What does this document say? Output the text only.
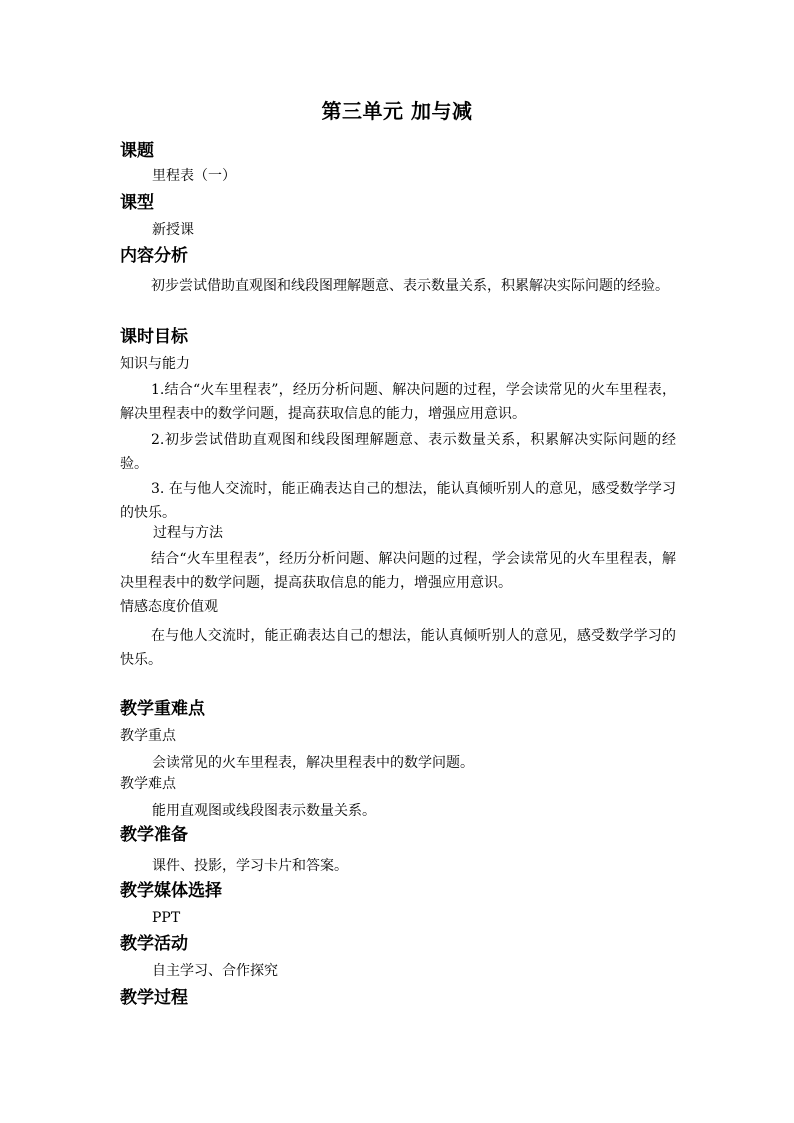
第三单元 加与减
课题
里程表（一）
课型
新授课
内容分析
初步尝试借助直观图和线段图理解题意、表示数量关系，积累解决实际问题的经验。
课时目标
知识与能力
1.结合“火车里程表”，经历分析问题、解决问题的过程，学会读常见的火车里程表，解决里程表中的数学问题，提高获取信息的能力，增强应用意识。
2.初步尝试借助直观图和线段图理解题意、表示数量关系，积累解决实际问题的经验。
3. 在与他人交流时，能正确表达自己的想法，能认真倾听别人的意见，感受数学学习的快乐。
过程与方法
结合“火车里程表”，经历分析问题、解决问题的过程，学会读常见的火车里程表，解决里程表中的数学问题，提高获取信息的能力，增强应用意识。
情感态度价值观
在与他人交流时，能正确表达自己的想法，能认真倾听别人的意见，感受数学学习的快乐。
教学重难点
教学重点
会读常见的火车里程表，解决里程表中的数学问题。
教学难点
能用直观图或线段图表示数量关系。
教学准备
课件、投影，学习卡片和答案。
教学媒体选择
PPT
教学活动
自主学习、合作探究
教学过程
